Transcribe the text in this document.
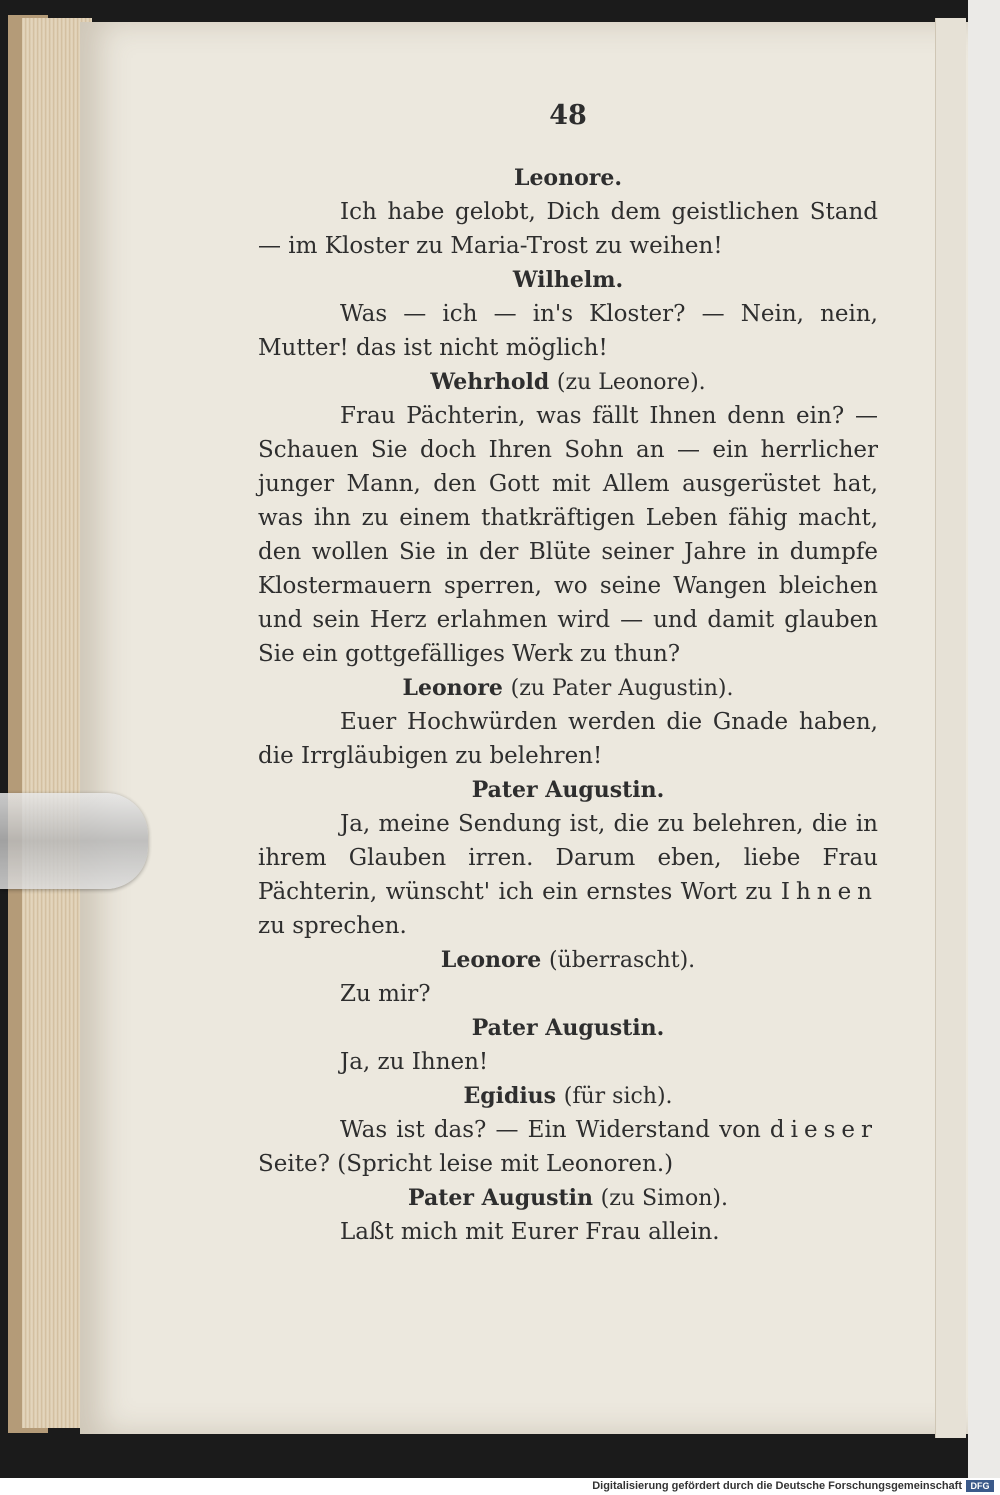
48

Leonore.

Ich habe gelobt, Dich dem geistlichen Stand — im Kloster zu Maria-Trost zu weihen!

Wilhelm.

Was — ich — in's Kloster? — Nein, nein, Mutter! das ist nicht möglich!

Wehrhold (zu Leonore).

Frau Pächterin, was fällt Ihnen denn ein? — Schauen Sie doch Ihren Sohn an — ein herrlicher junger Mann, den Gott mit Allem ausgerüstet hat, was ihn zu einem thatkräftigen Leben fähig macht, den wollen Sie in der Blüte seiner Jahre in dumpfe Klostermauern sperren, wo seine Wangen bleichen und sein Herz erlahmen wird — und damit glauben Sie ein gottgefälliges Werk zu thun?

Leonore (zu Pater Augustin).

Euer Hochwürden werden die Gnade haben, die Irrgläubigen zu belehren!

Pater Augustin.

Ja, meine Sendung ist, die zu belehren, die in ihrem Glauben irren. Darum eben, liebe Frau Pächterin, wünscht' ich ein ernstes Wort zu Ihnen zu sprechen.

Leonore (überrascht).

Zu mir?

Pater Augustin.

Ja, zu Ihnen!

Egidius (für sich).

Was ist das? — Ein Widerstand von dieser Seite? (Spricht leise mit Leonoren.)

Pater Augustin (zu Simon).

Laßt mich mit Eurer Frau allein.

Digitalisierung gefördert durch die Deutsche Forschungsgemeinschaft DFG
